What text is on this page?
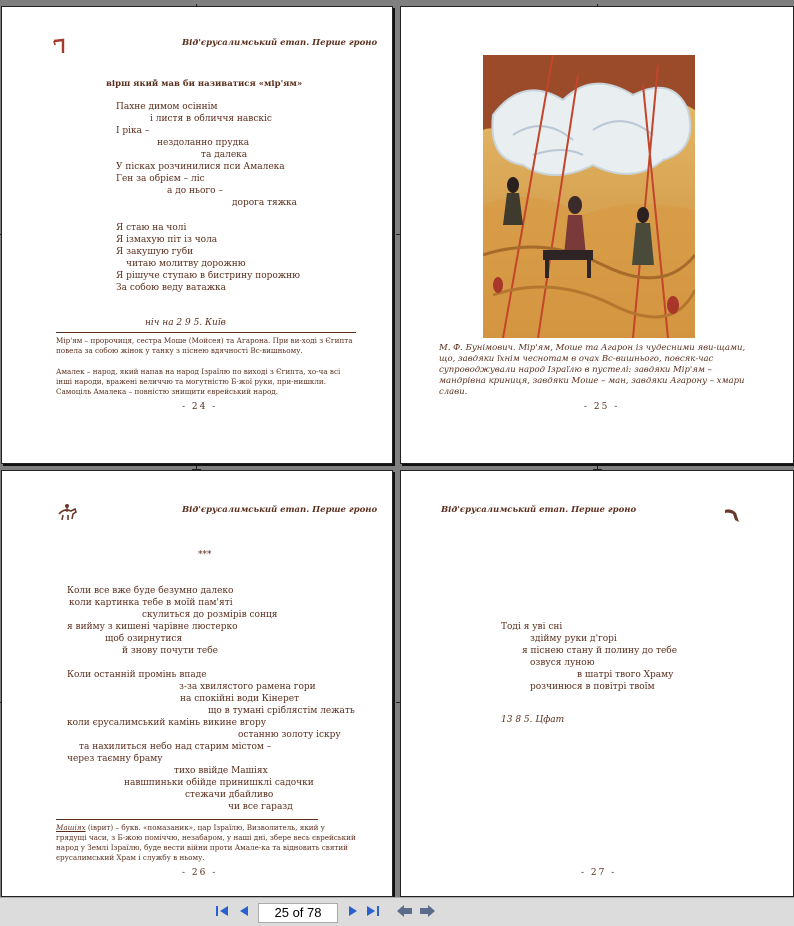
Від'єрусалимський етап. Перше гроно
вірш який мав би називатися «мір'ям»
Пахне димом осіннім
і листя в обличчя навскіс
І ріка –
нездоланно прудка
та далека
У пісках розчинилися пси Амалека
Ген за обрієм – ліс
а до нього –
дорога тяжка
Я стаю на чолі
Я ізмахую піт із чола
Я закушую губи
читаю молитву дорожню
Я рішуче ступаю в бистрину порожню
За собою веду ватажка
ніч на 2 9 5. Київ
Мір'ям – пророчиця, сестра Моше (Мойсея) та Агарона. При ви-ході з Єгипта повела за собою жінок у танку з піснею вдячності Вс-вишньому.
Амалек – народ, який напав на народ Ізраїлю по виході з Єгипта, хо-ча всі інші народи, вражені величчю та могутністю Б-жої руки, при-нишкли. Самоціль Амалека – повністю знищити єврейський народ.
- 24 -
М. Ф. Бунімович. Мір'ям, Моше та Агарон із чудесними яви-щами, що, завдяки їхнім чеснотам в очах Вс-вишнього, повсяк-час супроводжували народ Ізраїлю в пустелі: завдяки Мір'ям – мандрівна криниця, завдяки Моше – ман, завдяки Агарону – хмари слави.
- 25 -
Від'єрусалимський етап. Перше гроно
***
Коли все вже буде безумно далеко
коли картинка тебе в моїй пам'яті
скулиться до розмірів сонця
я вийму з кишені чарівне люстерко
щоб озирнутися
й знову почути тебе
Коли останній промінь впаде
з-за хвилястого рамена гори
на спокійні води Кінерет
що в тумані сріблястім лежать
коли єрусалимський камінь викине вгору
останню золоту іскру
та нахилиться небо над старим містом –
через таємну браму
тихо ввійде Машіях
навшпиньки обійде принишклі садочки
стежачи дбайливо
чи все гаразд
Машіях (іврит) – букв. «помазаник», цар Ізраїлю, Визволитель, який у грядущі часи, з Б-жою поміччю, незабаром, у наші дні, збере весь єврейський народ у Землі Ізраїлю, буде вести війни проти Амале-ка та відновить святий єрусалимський Храм і службу в ньому.
- 26 -
Від'єрусалимський етап. Перше гроно
Тоді я уві сні
здійму руки д'горі
я піснею стану й полину до тебе
озвуся луною
в шатрі твого Храму
розчинюся в повітрі твоїм
13 8 5. Цфат
- 27 -
25 of 78
